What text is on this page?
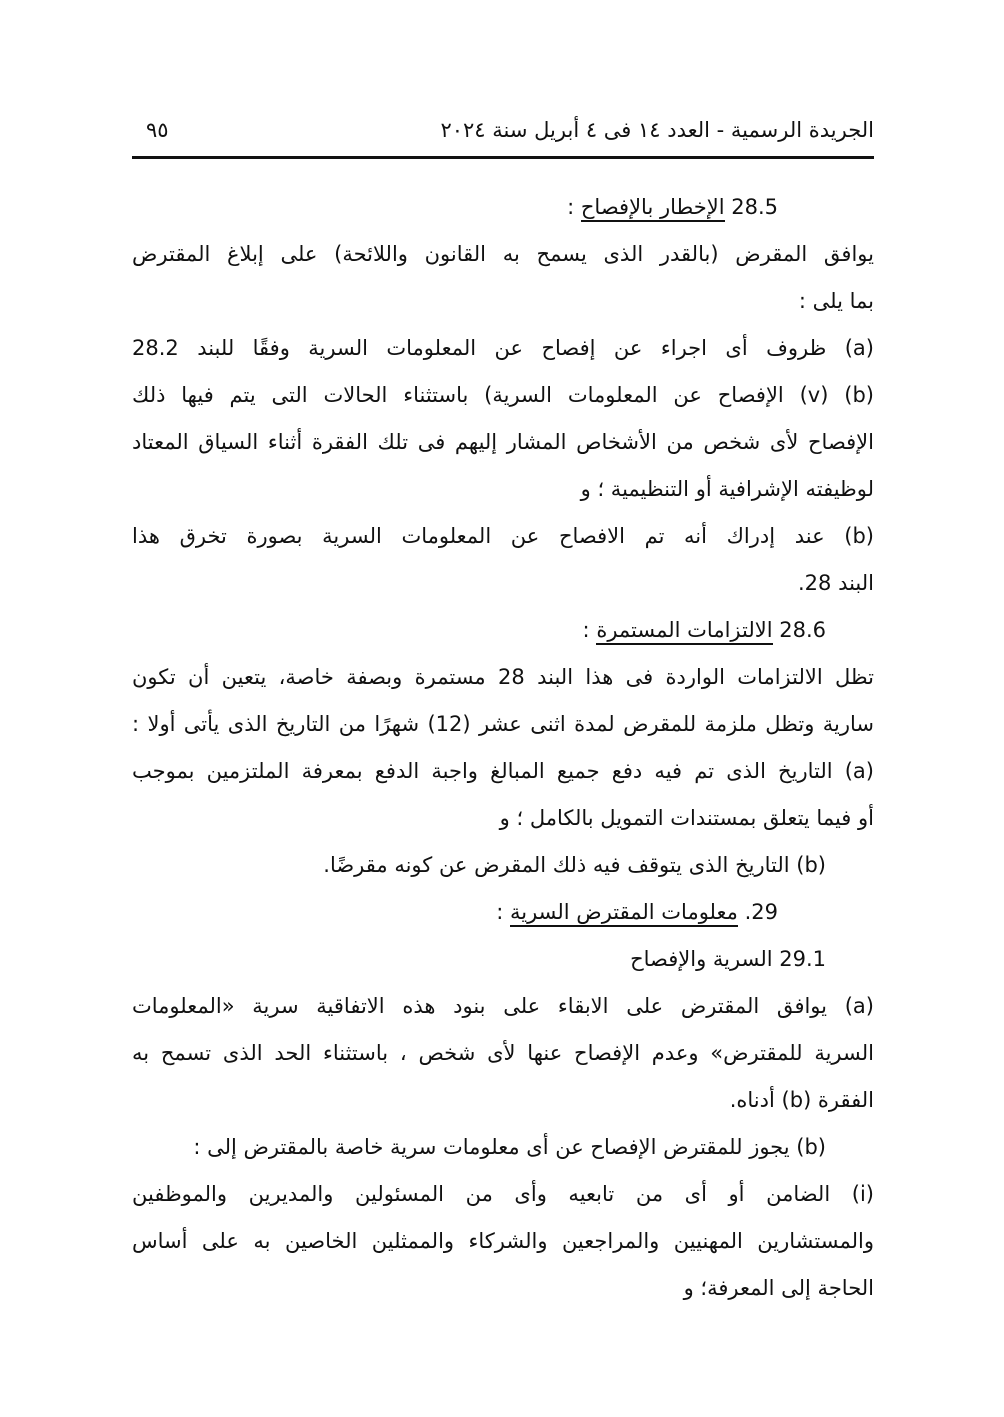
الجريدة الرسمية - العدد ١٤ فى ٤ أبريل سنة ٢٠٢٤
٩٥
28.5 الإخطار بالإفصاح :
يوافق المقرض (بالقدر الذى يسمح به القانون واللائحة) على إبلاغ المقترض
بما يلى :
(a) ظروف أى اجراء عن إفصاح عن المعلومات السرية وفقًا للبند 28.2
(b) (v) الإفصاح عن المعلومات السرية) باستثناء الحالات التى يتم فيها ذلك
الإفصاح لأى شخص من الأشخاص المشار إليهم فى تلك الفقرة أثناء السياق المعتاد
لوظيفته الإشرافية أو التنظيمية ؛ و
(b) عند إدراك أنه تم الافصاح عن المعلومات السرية بصورة تخرق هذا
البند 28.
28.6 الالتزامات المستمرة :
تظل الالتزامات الواردة فى هذا البند 28 مستمرة وبصفة خاصة، يتعين أن تكون
سارية وتظل ملزمة للمقرض لمدة اثنى عشر (12) شهرًا من التاريخ الذى يأتى أولا :
(a) التاريخ الذى تم فيه دفع جميع المبالغ واجبة الدفع بمعرفة الملتزمين بموجب
أو فيما يتعلق بمستندات التمويل بالكامل ؛ و
(b) التاريخ الذى يتوقف فيه ذلك المقرض عن كونه مقرضًا.
29. معلومات المقترض السرية :
29.1 السرية والإفصاح
(a) يوافق المقترض على الابقاء على بنود هذه الاتفاقية سرية «المعلومات
السرية للمقترض» وعدم الإفصاح عنها لأى شخص ، باستثناء الحد الذى تسمح به
الفقرة (b) أدناه.
(b) يجوز للمقترض الإفصاح عن أى معلومات سرية خاصة بالمقترض إلى :
(i) الضامن أو أى من تابعيه وأى من المسئولين والمديرين والموظفين
والمستشارين المهنيين والمراجعين والشركاء والممثلين الخاصين به على أساس
الحاجة إلى المعرفة؛ و
